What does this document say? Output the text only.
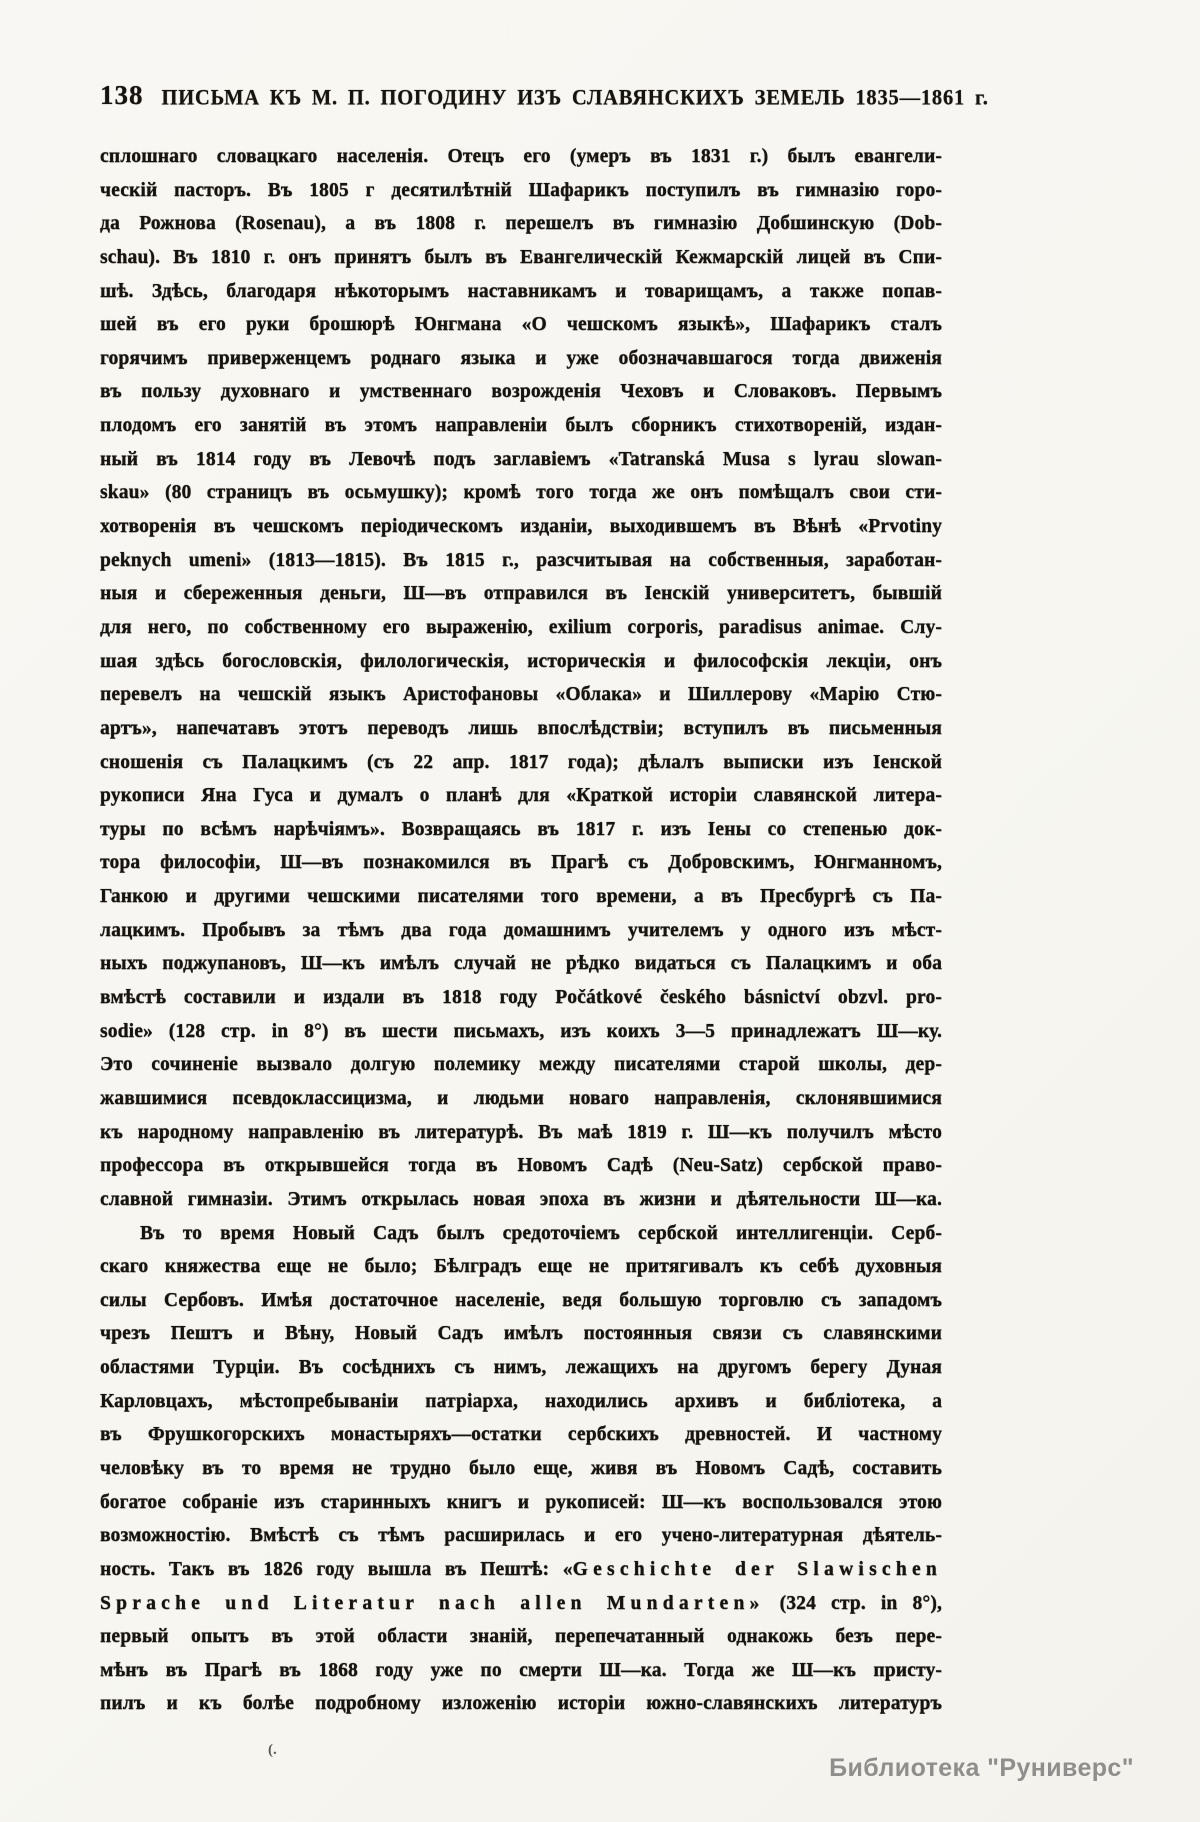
138 ПИСЬМА КЪ М. П. ПОГОДИНУ ИЗЪ СЛАВЯНСКИХЪ ЗЕМЕЛЬ 1835—1861 г.
сплошнаго словацкаго населенія. Отецъ его (умеръ въ 1831 г.) былъ евангели-
ческій пасторъ. Въ 1805 г десятилѣтній Шафарикъ поступилъ въ гимназію горо-
да Рожнова (Rosenau), а въ 1808 г. перешелъ въ гимназію Добшинскую (Dob-
schau). Въ 1810 г. онъ принятъ былъ въ Евангелическій Кежмарскій лицей въ Спи-
шѣ. Здѣсь, благодаря нѣкоторымъ наставникамъ и товарищамъ, а также попав-
шей въ его руки брошюрѣ Юнгмана «О чешскомъ языкѣ», Шафарикъ сталъ
горячимъ приверженцемъ роднаго языка и уже обозначавшагося тогда движенія
въ пользу духовнаго и умственнаго возрожденія Чеховъ и Словаковъ. Первымъ
плодомъ его занятій въ этомъ направленіи былъ сборникъ стихотвореній, издан-
ный въ 1814 году въ Левочѣ подъ заглавіемъ «Tatranská Musa s lyrau slowan-
skau» (80 страницъ въ осьмушку); кромѣ того тогда же онъ помѣщалъ свои сти-
хотворенія въ чешскомъ періодическомъ изданіи, выходившемъ въ Вѣнѣ «Prvotiny
peknych umeni» (1813—1815). Въ 1815 г., разсчитывая на собственныя, заработан-
ныя и сбереженныя деньги, Ш—въ отправился въ Іенскій университетъ, бывшій
для него, по собственному его выраженію, exilium corporis, paradisus animae. Слу-
шая здѣсь богословскія, филологическія, историческія и философскія лекціи, онъ
перевелъ на чешскій языкъ Аристофановы «Облака» и Шиллерову «Марію Стю-
артъ», напечатавъ этотъ переводъ лишь впослѣдствіи; вступилъ въ письменныя
сношенія съ Палацкимъ (съ 22 апр. 1817 года); дѣлалъ выписки изъ Іенской
рукописи Яна Гуса и думалъ о планѣ для «Краткой исторіи славянской литера-
туры по всѣмъ нарѣчіямъ». Возвращаясь въ 1817 г. изъ Іены со степенью док-
тора философіи, Ш—въ познакомился въ Прагѣ съ Добровскимъ, Юнгманномъ,
Ганкою и другими чешскими писателями того времени, а въ Пресбургѣ съ Па-
лацкимъ. Пробывъ за тѣмъ два года домашнимъ учителемъ у одного изъ мѣст-
ныхъ поджупановъ, Ш—къ имѣлъ случай не рѣдко видаться съ Палацкимъ и оба
вмѣстѣ составили и издали въ 1818 году Počátkové českého básnictví obzvl. pro-
sodie» (128 стр. in 8°) въ шести письмахъ, изъ коихъ 3—5 принадлежатъ Ш—ку.
Это сочиненіе вызвало долгую полемику между писателями старой школы, дер-
жавшимися псевдоклассицизма, и людьми новаго направленія, склонявшимися
къ народному направленію въ литературѣ. Въ маѣ 1819 г. Ш—къ получилъ мѣсто
профессора въ открывшейся тогда въ Новомъ Садѣ (Neu-Satz) сербской право-
славной гимназіи. Этимъ открылась новая эпоха въ жизни и дѣятельности Ш—ка.
Въ то время Новый Садъ былъ средоточіемъ сербской интеллигенціи. Серб-
скаго княжества еще не было; Бѣлградъ еще не притягивалъ къ себѣ духовныя
силы Сербовъ. Имѣя достаточное населеніе, ведя большую торговлю съ западомъ
чрезъ Пештъ и Вѣну, Новый Садъ имѣлъ постоянныя связи съ славянскими
областями Турціи. Въ сосѣднихъ съ нимъ, лежащихъ на другомъ берегу Дуная
Карловцахъ, мѣстопребываніи патріарха, находились архивъ и библіотека, а
въ Фрушкогорскихъ монастыряхъ—остатки сербскихъ древностей. И частному
человѣку въ то время не трудно было еще, живя въ Новомъ Садѣ, составить
богатое собраніе изъ старинныхъ книгъ и рукописей: Ш—къ воспользовался этою
возможностію. Вмѣстѣ съ тѣмъ расширилась и его учено-литературная дѣятель-
ность. Такъ въ 1826 году вышла въ Пештѣ: «Geschichte der Slawischen
Sprache und Literatur nach allen Mundarten» (324 стр. in 8°),
первый опытъ въ этой области знаній, перепечатанный однакожь безъ пере-
мѣнъ въ Прагѣ въ 1868 году уже по смерти Ш—ка. Тогда же Ш—къ присту-
пилъ и къ болѣе подробному изложенію исторіи южно-славянскихъ литературъ
(.
Библиотека "Руниверс"
